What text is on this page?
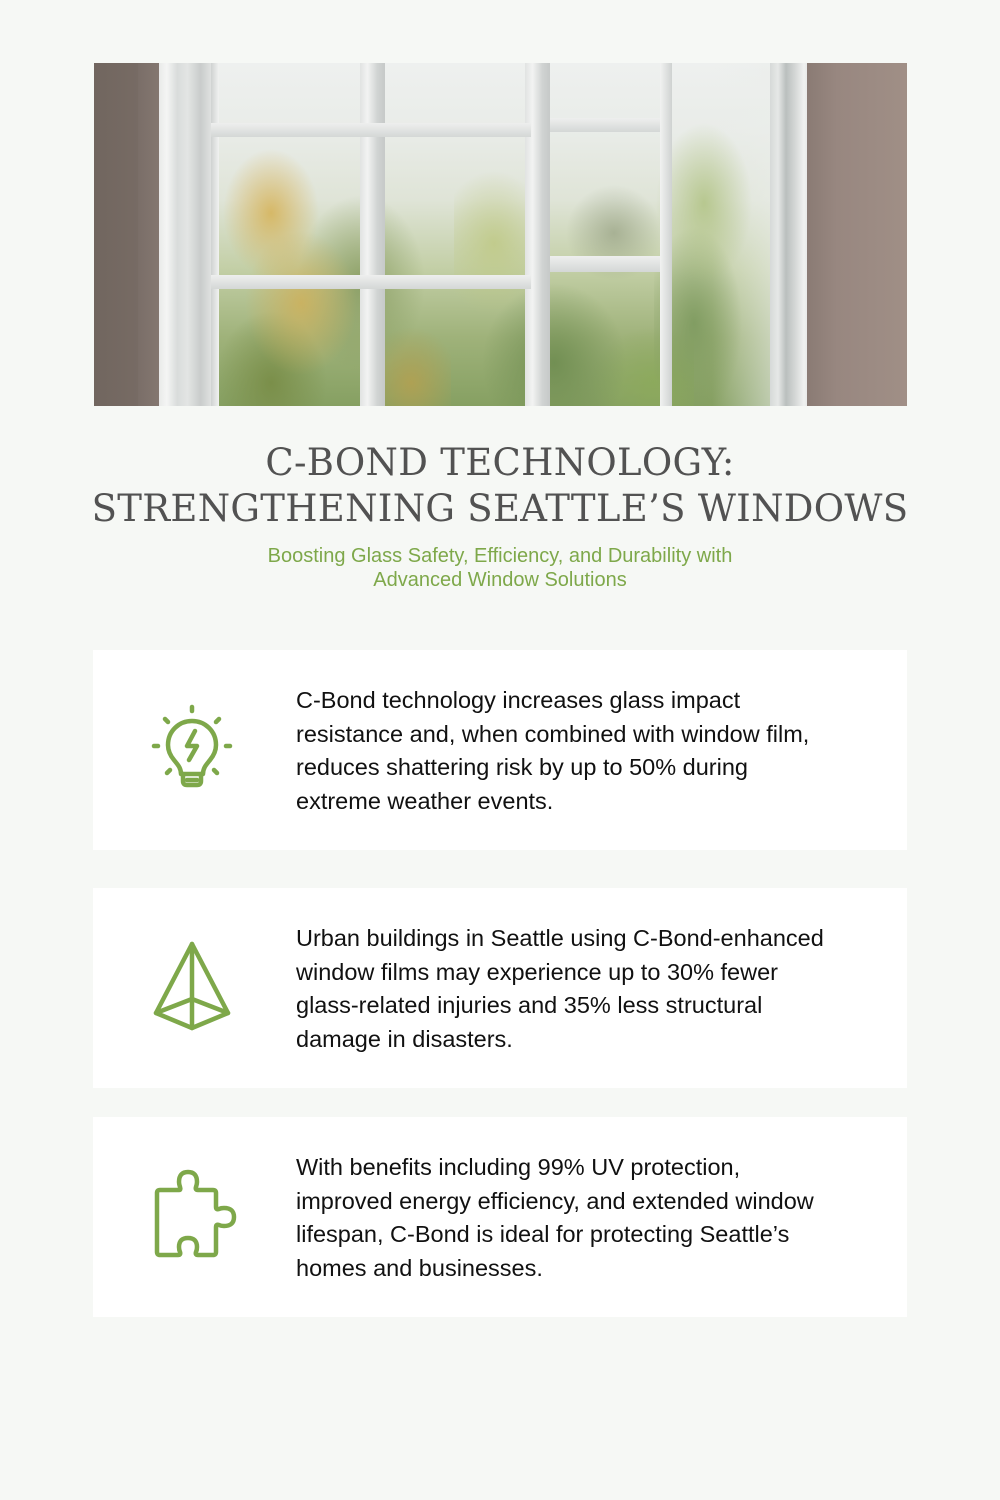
C-BOND TECHNOLOGY:
STRENGTHENING SEATTLE’S WINDOWS

Boosting Glass Safety, Efficiency, and Durability with
Advanced Window Solutions

C-Bond technology increases glass impact resistance and, when combined with window film, reduces shattering risk by up to 50% during extreme weather events.

Urban buildings in Seattle using C-Bond-enhanced window films may experience up to 30% fewer glass-related injuries and 35% less structural damage in disasters.

With benefits including 99% UV protection, improved energy efficiency, and extended window lifespan, C-Bond is ideal for protecting Seattle’s homes and businesses.
